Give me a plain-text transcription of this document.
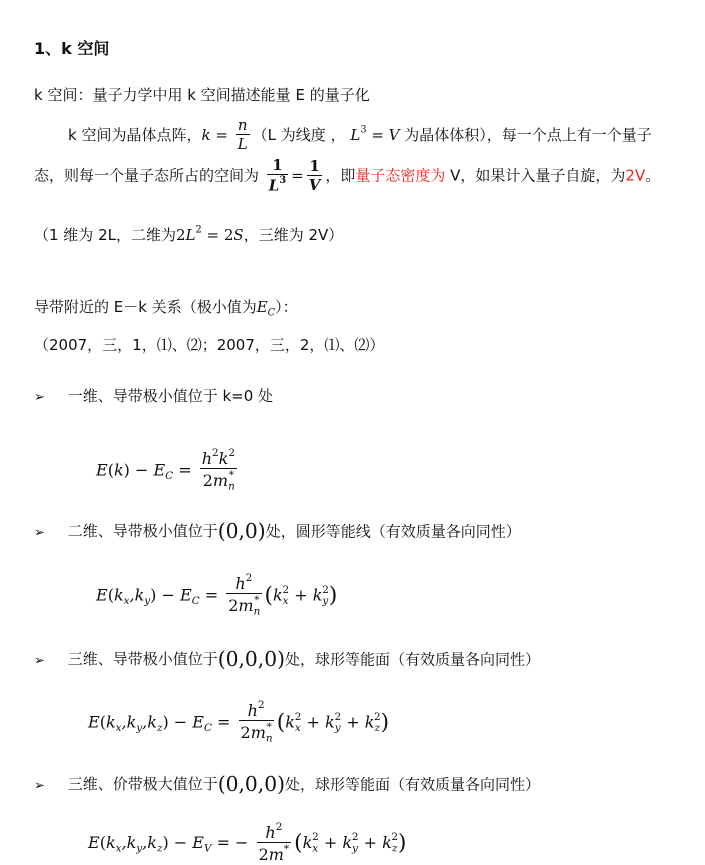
1、k 空间
k 空间：量子力学中用 k 空间描述能量 E 的量子化
k 空间为晶体点阵，$k = \frac{n}{L} (L$ 为线度 ， $L^3 = V$ 为晶体体积），每一个点上有一个量子
态，则每一个量子态所占的空间为 $\frac{1}{L^3} = \frac{1}{V}$ ，即量子态密度为 V，如果计入量子自旋，为2V。
（1 维为 2L，二维为$2L^2 = 2S$，三维为 2V）
导带附近的 E－k 关系（极小值为$E_C$）：
（2007，三，1，⑴、⑵；2007，三，2，⑴、⑵）
➢ 一维、导带极小值位于 k=0 处
$E(k) - E_C = \frac{h^2k^2}{2m_n^*}$
➢ 二维、导带极小值位于(0,0)处，圆形等能线（有效质量各向同性）
$E(k_x,k_y) - E_C = \frac{h^2}{2m_n^*} (k_x^2 + k_y^2)$
➢ 三维、导带极小值位于(0,0,0)处，球形等能面（有效质量各向同性）
$E(k_x,k_y,k_z) - E_C = \frac{h^2}{2m_n^*} (k_x^2 + k_y^2 + k_z^2)$
➢ 三维、价带极大值位于(0,0,0)处，球形等能面（有效质量各向同性）
$E(k_x,k_y,k_z) - E_V$ = − $\frac{h^2}{2m^*} (k_x^2 + k_y^2 + k_z^2)$
